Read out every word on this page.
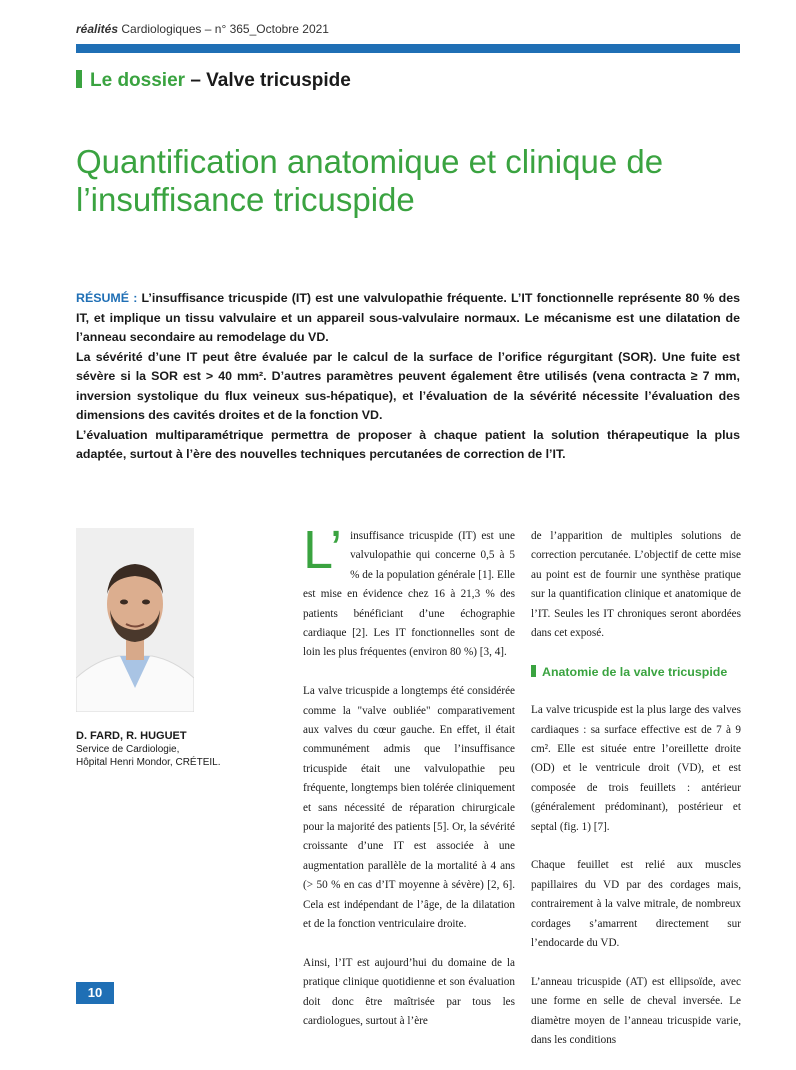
réalités Cardiologiques – n° 365_Octobre 2021
Le dossier – Valve tricuspide
Quantification anatomique et clinique de l’insuffisance tricuspide

RÉSUMÉ : L’insuffisance tricuspide (IT) est une valvulopathie fréquente. L’IT fonctionnelle représente 80 % des IT, et implique un tissu valvulaire et un appareil sous-valvulaire normaux. Le mécanisme est une dilatation de l’anneau secondaire au remodelage du VD.

La sévérité d’une IT peut être évaluée par le calcul de la surface de l’orifice régurgitant (SOR). Une fuite est sévère si la SOR est > 40 mm². D’autres paramètres peuvent également être utilisés (vena contracta ≥ 7 mm, inversion systolique du flux veineux sus-hépatique), et l’évaluation de la sévérité nécessite l’évaluation des dimensions des cavités droites et de la fonction VD.

L’évaluation multiparamétrique permettra de proposer à chaque patient la solution thérapeutique la plus adaptée, surtout à l’ère des nouvelles techniques percutanées de correction de l’IT.

D. FARD, R. HUGUET
Service de Cardiologie,
Hôpital Henri Mondor, CRÉTEIL.

L’ insuffisance tricuspide (IT) est une valvulopathie qui concerne 0,5 à 5 % de la population générale [1]. Elle est mise en évidence chez 16 à 21,3 % des patients bénéficiant d’une échographie cardiaque [2]. Les IT fonctionnelles sont de loin les plus fréquentes (environ 80 %) [3, 4].

La valve tricuspide a longtemps été considérée comme la "valve oubliée" comparativement aux valves du cœur gauche. En effet, il était communément admis que l’insuffisance tricuspide était une valvulopathie peu fréquente, longtemps bien tolérée cliniquement et sans nécessité de réparation chirurgicale pour la majorité des patients [5]. Or, la sévérité croissante d’une IT est associée à une augmentation parallèle de la mortalité à 4 ans (> 50 % en cas d’IT moyenne à sévère) [2, 6]. Cela est indépendant de l’âge, de la dilatation et de la fonction ventriculaire droite.

Ainsi, l’IT est aujourd’hui du domaine de la pratique clinique quotidienne et son évaluation doit donc être maîtrisée par tous les cardiologues, surtout à l’ère

de l’apparition de multiples solutions de correction percutanée. L’objectif de cette mise au point est de fournir une synthèse pratique sur la quantification clinique et anatomique de l’IT. Seules les IT chroniques seront abordées dans cet exposé.

Anatomie de la valve tricuspide

La valve tricuspide est la plus large des valves cardiaques : sa surface effective est de 7 à 9 cm². Elle est située entre l’oreillette droite (OD) et le ventricule droit (VD), et est composée de trois feuillets : antérieur (généralement prédominant), postérieur et septal (fig. 1) [7].

Chaque feuillet est relié aux muscles papillaires du VD par des cordages mais, contrairement à la valve mitrale, de nombreux cordages s’amarrent directement sur l’endocarde du VD.

L’anneau tricuspide (AT) est ellipsoïde, avec une forme en selle de cheval inversée. Le diamètre moyen de l’anneau tricuspide varie, dans les conditions

10
